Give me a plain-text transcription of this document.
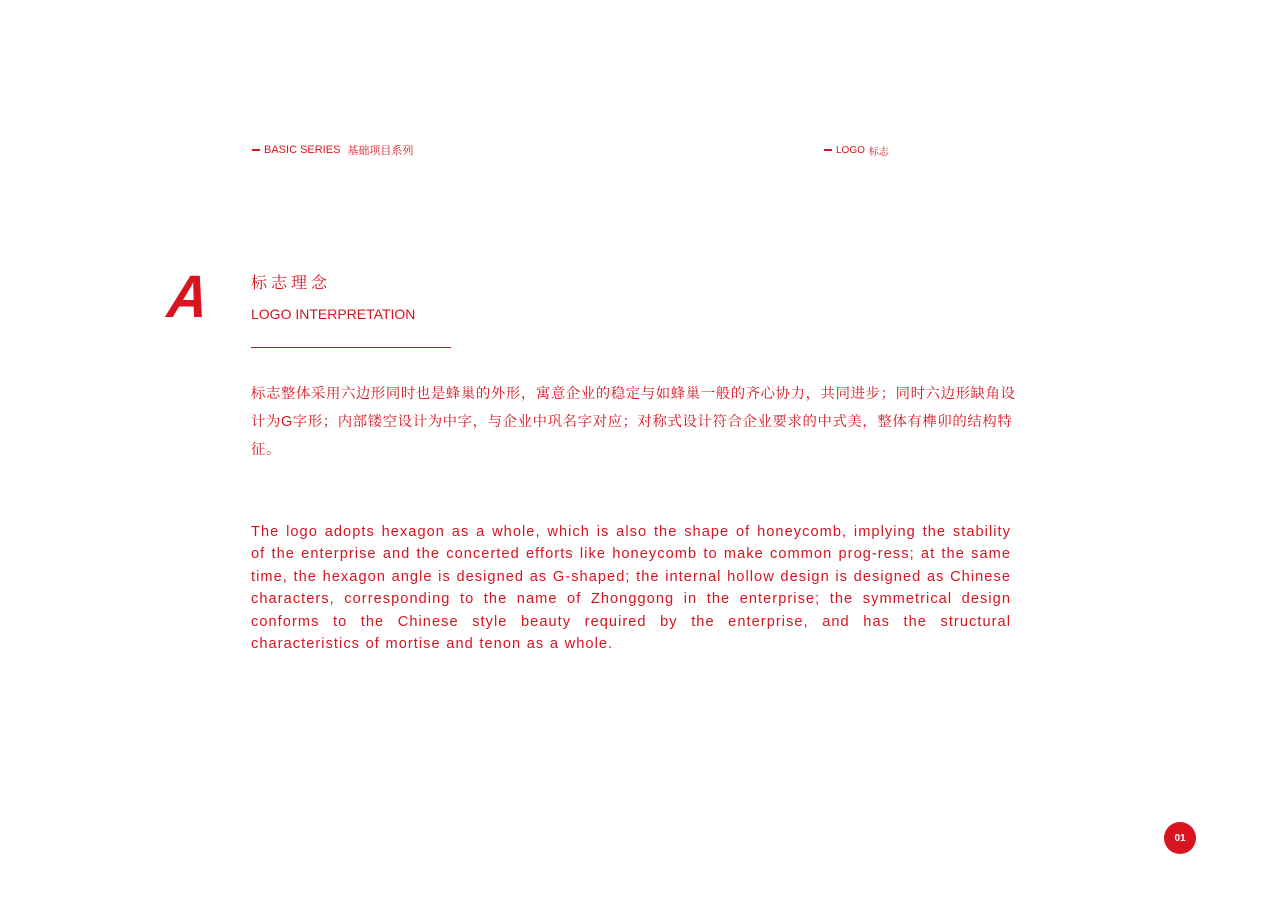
BASIC SERIES 基础项目系列	LOGO 标志
A	标志理念
LOGO INTERPRETATION

标志整体采用六边形同时也是蜂巢的外形，寓意企业的稳定与如蜂巢一般的齐心协力，共同进步；同时六边形缺角设计为G字形；内部镂空设计为中字，与企业中巩名字对应；对称式设计符合企业要求的中式美，整体有榫卯的结构特征。

The logo adopts hexagon as a whole, which is also the shape of honeycomb, implying the stability of the enterprise and the concerted efforts like honeycomb to make common prog-ress; at the same time, the hexagon angle is designed as G-shaped; the internal hollow design is designed as Chinese characters, corresponding to the name of Zhonggong in the enterprise; the symmetrical design conforms to the Chinese style beauty required by the enterprise, and has the structural characteristics of mortise and tenon as a whole.

01
